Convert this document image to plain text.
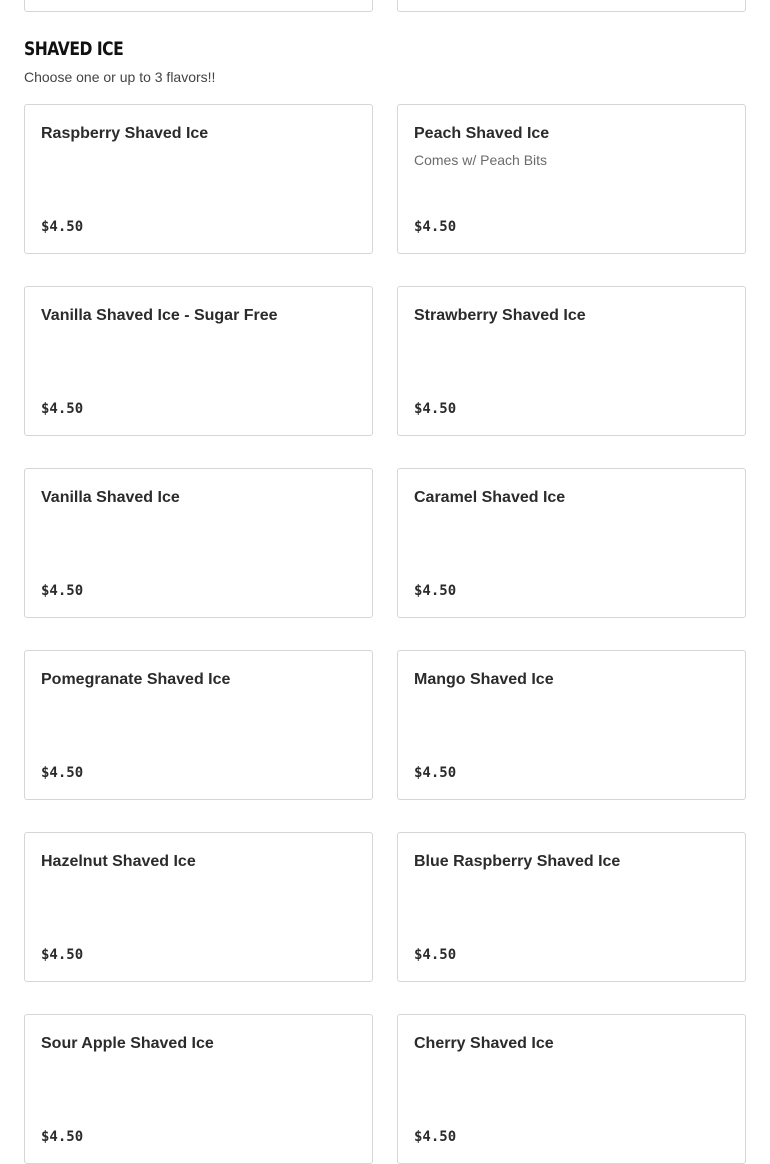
SHAVED ICE

Choose one or up to 3 flavors!!

Raspberry Shaved Ice
$4.50
Peach Shaved Ice
Comes w/ Peach Bits
$4.50
Vanilla Shaved Ice - Sugar Free
$4.50
Strawberry Shaved Ice
$4.50
Vanilla Shaved Ice
$4.50
Caramel Shaved Ice
$4.50
Pomegranate Shaved Ice
$4.50
Mango Shaved Ice
$4.50
Hazelnut Shaved Ice
$4.50
Blue Raspberry Shaved Ice
$4.50
Sour Apple Shaved Ice
$4.50
Cherry Shaved Ice
$4.50
